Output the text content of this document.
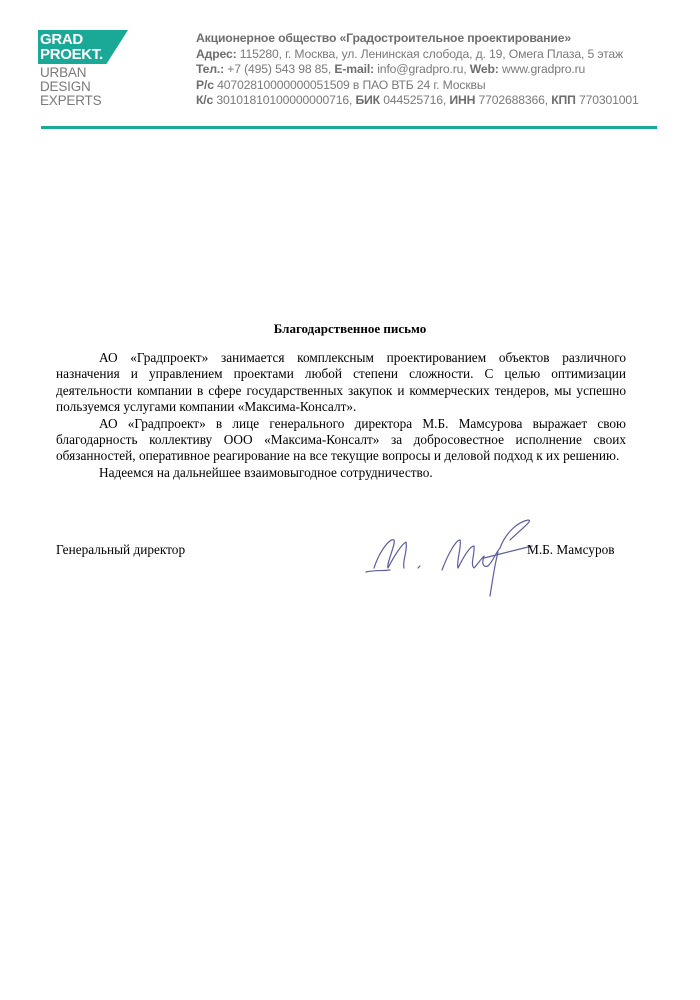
GRAD
PROEKT.
URBAN
DESIGN
EXPERTS
Акционерное общество «Градостроительное проектирование»
Адрес: 115280, г. Москва, ул. Ленинская слобода, д. 19, Омега Плаза, 5 этаж
Тел.: +7 (495) 543 98 85, E-mail: info@gradpro.ru, Web: www.gradpro.ru
Р/с 40702810000000051509 в ПАО ВТБ 24 г. Москвы
К/с 30101810100000000716, БИК 044525716, ИНН 7702688366, КПП 770301001
Благодарственное письмо

АО «Градпроект» занимается комплексным проектированием объектов различного назначения и управлением проектами любой степени сложности. С целью оптимизации деятельности компании в сфере государственных закупок и коммерческих тендеров, мы успешно пользуемся услугами компании «Максима-Консалт».

АО «Градпроект» в лице генерального директора М.Б. Мамсурова выражает свою благодарность коллективу ООО «Максима-Консалт» за добросовестное исполнение своих обязанностей, оперативное реагирование на все текущие вопросы и деловой подход к их решению.

Надеемся на дальнейшее взаимовыгодное сотрудничество.

Генеральный директор	М.Б. Мамсуров
